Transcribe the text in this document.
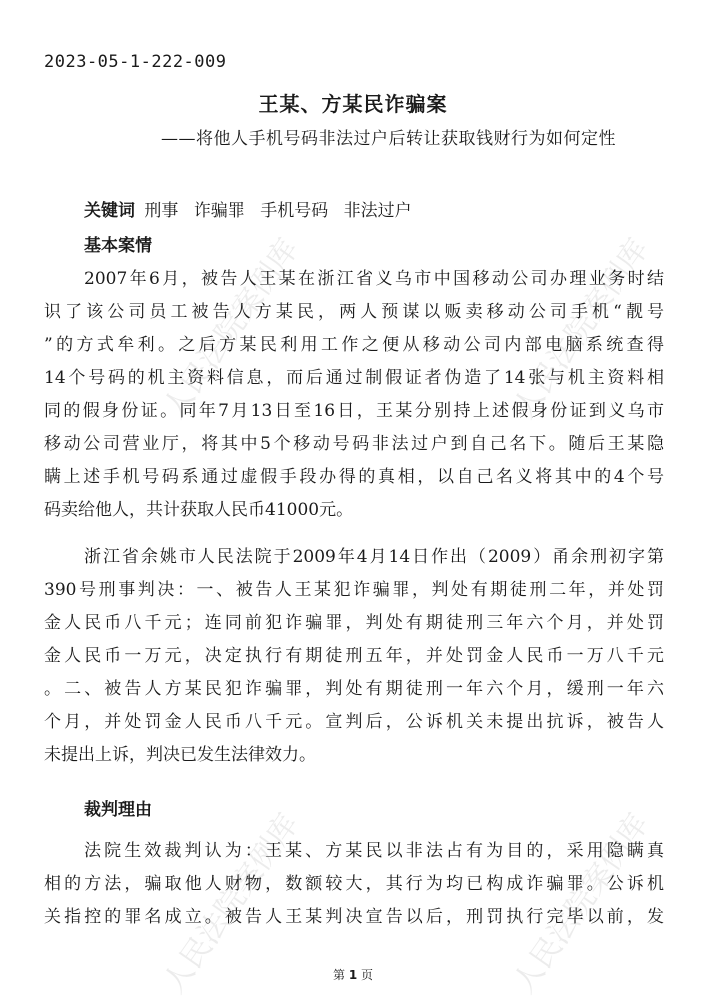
人民法院案例库	人民法院案例库
人民法院案例库	人民法院案例库
2023-05-1-222-009
王某、方某民诈骗案
——将他人手机号码非法过户后转让获取钱财行为如何定性
关键词 刑事 诈骗罪 手机号码 非法过户
基本案情
2007年6月，被告人王某在浙江省义乌市中国移动公司办理业务时结
识了该公司员工被告人方某民，两人预谋以贩卖移动公司手机“靓号
”的方式牟利。之后方某民利用工作之便从移动公司内部电脑系统查得
14个号码的机主资料信息，而后通过制假证者伪造了14张与机主资料相
同的假身份证。同年7月13日至16日，王某分别持上述假身份证到义乌市
移动公司营业厅，将其中5个移动号码非法过户到自己名下。随后王某隐
瞒上述手机号码系通过虚假手段办得的真相，以自己名义将其中的4个号
码卖给他人，共计获取人民币41000元。
浙江省余姚市人民法院于2009年4月14日作出（2009）甬余刑初字第
390号刑事判决：一、被告人王某犯诈骗罪，判处有期徒刑二年，并处罚
金人民币八千元；连同前犯诈骗罪，判处有期徒刑三年六个月，并处罚
金人民币一万元，决定执行有期徒刑五年，并处罚金人民币一万八千元
。二、被告人方某民犯诈骗罪，判处有期徒刑一年六个月，缓刑一年六
个月，并处罚金人民币八千元。宣判后，公诉机关未提出抗诉，被告人
未提出上诉，判决已发生法律效力。
裁判理由
法院生效裁判认为：王某、方某民以非法占有为目的，采用隐瞒真
相的方法，骗取他人财物，数额较大，其行为均已构成诈骗罪。公诉机
关指控的罪名成立。被告人王某判决宣告以后，刑罚执行完毕以前，发
第 1 页
